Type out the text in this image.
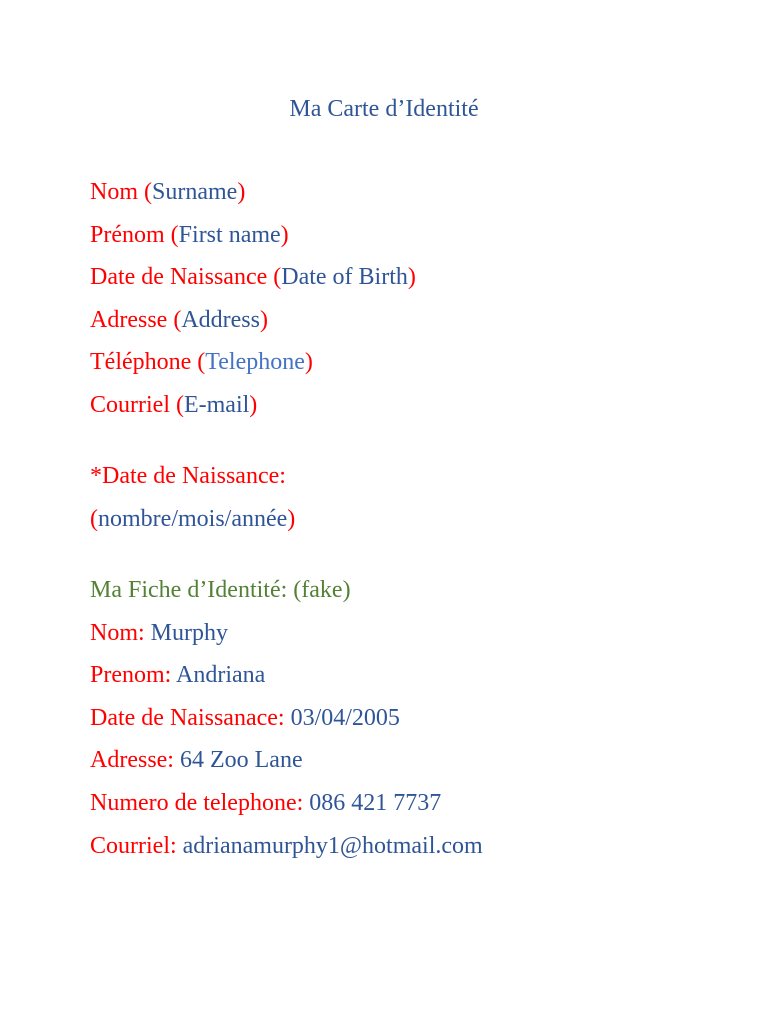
Ma Carte d’Identité
Nom (Surname)
Prénom (First name)
Date de Naissance (Date of Birth)
Adresse (Address)
Téléphone (Telephone)
Courriel (E-mail)
*Date de Naissance:
(nombre/mois/année)
Ma Fiche d’Identité: (fake)
Nom: Murphy
Prenom: Andriana
Date de Naissanace: 03/04/2005
Adresse: 64 Zoo Lane
Numero de telephone: 086 421 7737
Courriel: adrianamurphy1@hotmail.com
